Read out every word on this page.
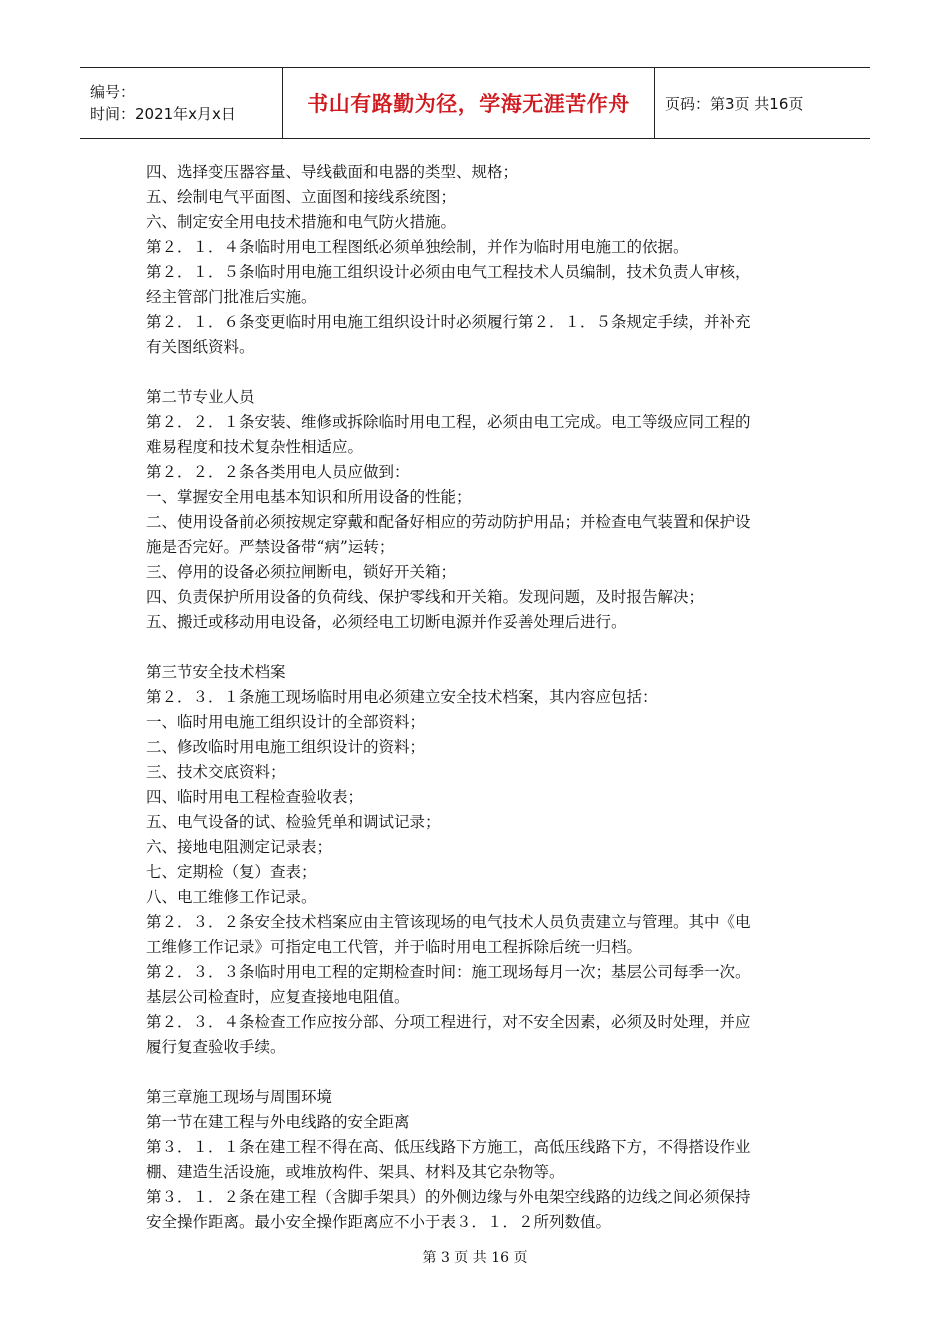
编号：
时间：2021年x月x日	书山有路勤为径，学海无涯苦作舟 页码：第3页 共16页

四、选择变压器容量、导线截面和电器的类型、规格；

五、绘制电气平面图、立面图和接线系统图；

六、制定安全用电技术措施和电气防火措施。

第２．１．４条临时用电工程图纸必须单独绘制，并作为临时用电施工的依据。

第２．１．５条临时用电施工组织设计必须由电气工程技术人员编制，技术负责人审核，

经主管部门批准后实施。

第２．１．６条变更临时用电施工组织设计时必须履行第２．１．５条规定手续，并补充

有关图纸资料。

第二节专业人员

第２．２．１条安装、维修或拆除临时用电工程，必须由电工完成。电工等级应同工程的

难易程度和技术复杂性相适应。

第２．２．２条各类用电人员应做到：

一、掌握安全用电基本知识和所用设备的性能；

二、使用设备前必须按规定穿戴和配备好相应的劳动防护用品；并检查电气装置和保护设

施是否完好。严禁设备带“病”运转；

三、停用的设备必须拉闸断电，锁好开关箱；

四、负责保护所用设备的负荷线、保护零线和开关箱。发现问题，及时报告解决；

五、搬迁或移动用电设备，必须经电工切断电源并作妥善处理后进行。

第三节安全技术档案

第２．３．１条施工现场临时用电必须建立安全技术档案，其内容应包括：

一、临时用电施工组织设计的全部资料；

二、修改临时用电施工组织设计的资料；

三、技术交底资料；

四、临时用电工程检查验收表；

五、电气设备的试、检验凭单和调试记录；

六、接地电阻测定记录表；

七、定期检（复）查表；

八、电工维修工作记录。

第２．３．２条安全技术档案应由主管该现场的电气技术人员负责建立与管理。其中《电

工维修工作记录》可指定电工代管，并于临时用电工程拆除后统一归档。

第２．３．３条临时用电工程的定期检查时间：施工现场每月一次；基层公司每季一次。

基层公司检查时，应复查接地电阻值。

第２．３．４条检查工作应按分部、分项工程进行，对不安全因素，必须及时处理，并应

履行复查验收手续。

第三章施工现场与周围环境

第一节在建工程与外电线路的安全距离

第３．１．１条在建工程不得在高、低压线路下方施工，高低压线路下方，不得搭设作业

棚、建造生活设施，或堆放构件、架具、材料及其它杂物等。

第３．１．２条在建工程（含脚手架具）的外侧边缘与外电架空线路的边线之间必须保持

安全操作距离。最小安全操作距离应不小于表３．１．２所列数值。

第 3 页 共 16 页
